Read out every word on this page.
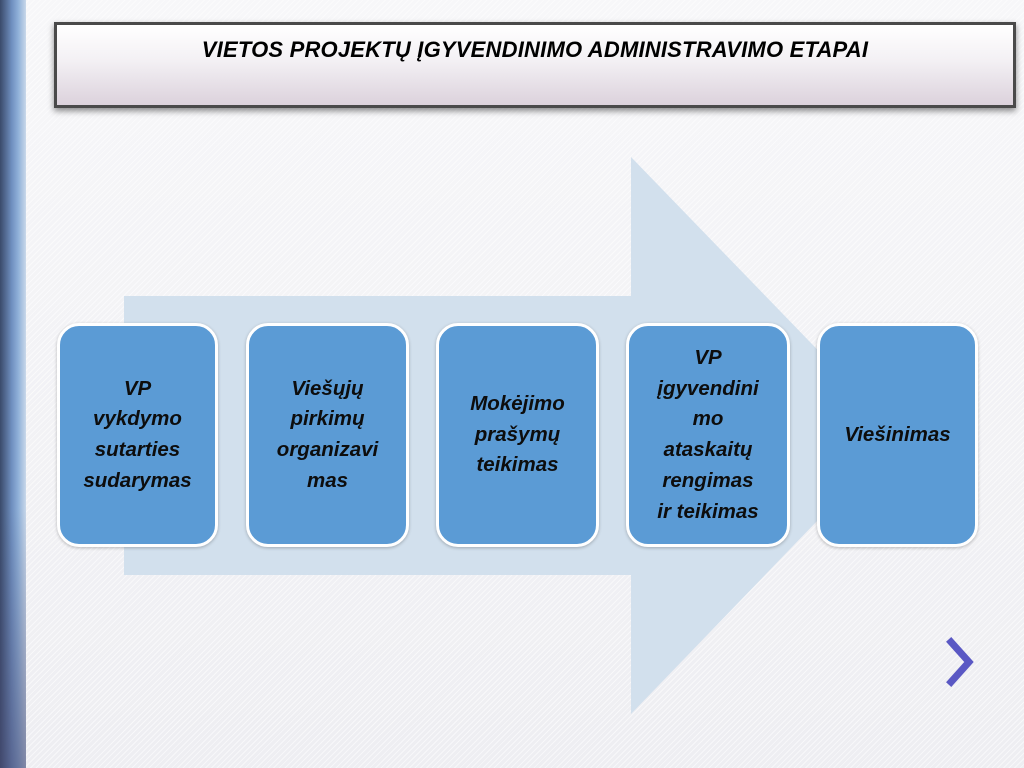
VIETOS PROJEKTŲ ĮGYVENDINIMO ADMINISTRAVIMO ETAPAI
VP
vykdymo
sutarties
sudarymas
Viešųjų
pirkimų
organizavi
mas
Mokėjimo
prašymų
teikimas
VP
įgyvendini
mo
ataskaitų
rengimas
ir teikimas
Viešinimas
